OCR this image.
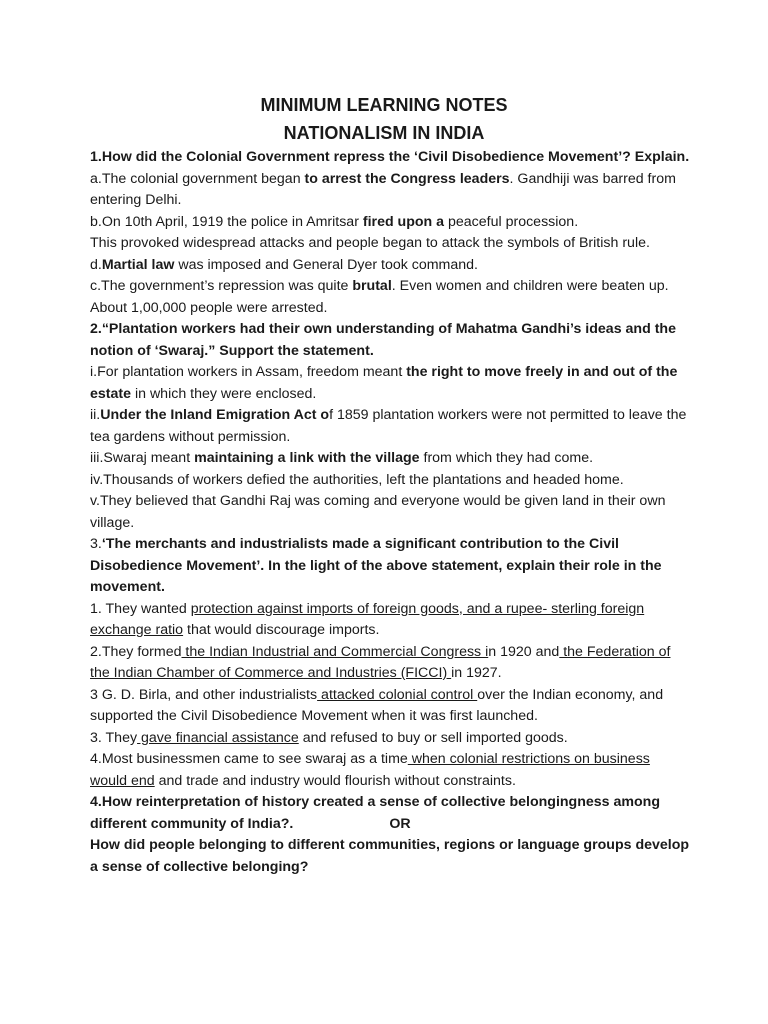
MINIMUM LEARNING NOTES
NATIONALISM IN INDIA

1.How did the Colonial Government repress the ‘Civil Disobedience Movement’? Explain.

a.The colonial government began to arrest the Congress leaders. Gandhiji was barred from entering Delhi.

b.On 10th April, 1919 the police in Amritsar fired upon a peaceful procession.

This provoked widespread attacks and people began to attack the symbols of British rule.

d.Martial law was imposed and General Dyer took command.

c.The government’s repression was quite brutal. Even women and children were beaten up. About 1,00,000 people were arrested.

2.“Plantation workers had their own understanding of Mahatma Gandhi’s ideas and the notion of ‘Swaraj.” Support the statement.

i.For plantation workers in Assam, freedom meant the right to move freely in and out of the estate in which they were enclosed.

ii.Under the Inland Emigration Act of 1859 plantation workers were not permitted to leave the tea gardens without permission.

iii.Swaraj meant maintaining a link with the village from which they had come.

iv.Thousands of workers defied the authorities, left the plantations and headed home.

v.They believed that Gandhi Raj was coming and everyone would be given land in their own village.

3.‘The merchants and industrialists made a significant contribution to the Civil Disobedience Movement’. In the light of the above statement, explain their role in the movement.

1. They wanted protection against imports of foreign goods, and a rupee- sterling foreign exchange ratio that would discourage imports.

2.They formed the Indian Industrial and Commercial Congress in 1920 and the Federation of the Indian Chamber of Commerce and Industries (FICCI) in 1927.

3 G. D. Birla, and other industrialists attacked colonial control over the Indian economy, and supported the Civil Disobedience Movement when it was first launched.

3. They gave financial assistance and refused to buy or sell imported goods.

4.Most businessmen came to see swaraj as a time when colonial restrictions on business would end and trade and industry would flourish without constraints.

4.How reinterpretation of history created a sense of collective belongingness among different community of India?.	OR

How did people belonging to different communities, regions or language groups develop a sense of collective belonging?
